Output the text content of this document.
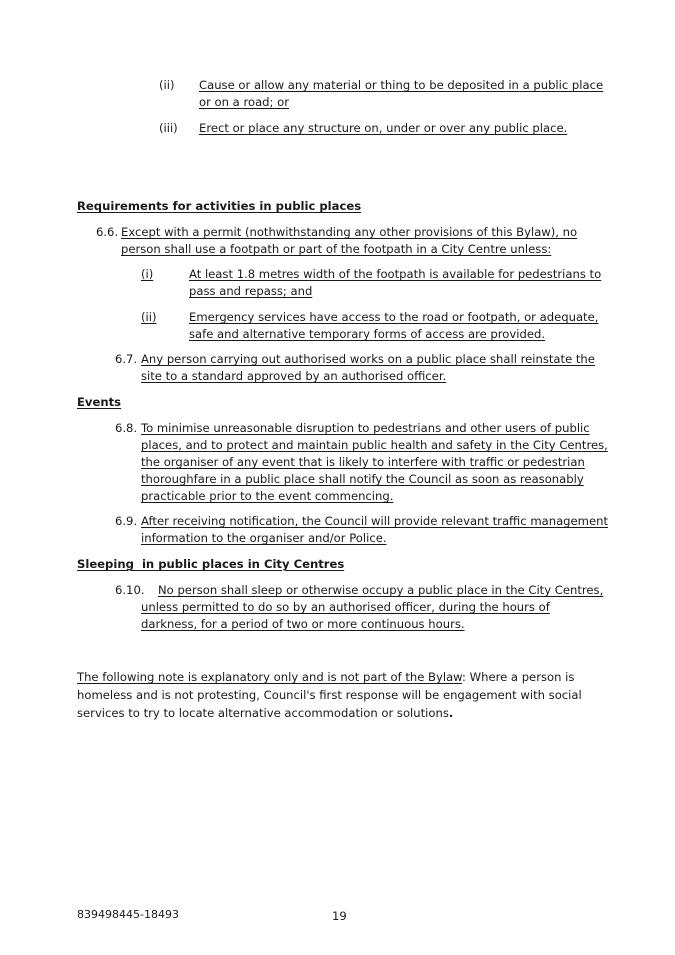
(ii) Cause or allow any material or thing to be deposited in a public place
or on a road; or
(iii) Erect or place any structure on, under or over any public place.
Requirements for activities in public places
6.6. Except with a permit (nothwithstanding any other provisions of this Bylaw), no
person shall use a footpath or part of the footpath in a City Centre unless:
(i)	At least 1.8 metres width of the footpath is available for pedestrians to
pass and repass; and
(ii)	Emergency services have access to the road or footpath, or adequate,
safe and alternative temporary forms of access are provided.
6.7. Any person carrying out authorised works on a public place shall reinstate the
site to a standard approved by an authorised officer.
Events
6.8. To minimise unreasonable disruption to pedestrians and other users of public
places, and to protect and maintain public health and safety in the City Centres,
the organiser of any event that is likely to interfere with traffic or pedestrian
thoroughfare in a public place shall notify the Council as soon as reasonably
practicable prior to the event commencing.
6.9. After receiving notification, the Council will provide relevant traffic management
information to the organiser and/or Police.
Sleeping  in public places in City Centres
6.10. No person shall sleep or otherwise occupy a public place in the City Centres,
unless permitted to do so by an authorised officer, during the hours of
darkness, for a period of two or more continuous hours.
The following note is explanatory only and is not part of the Bylaw: Where a person is
homeless and is not protesting, Council's first response will be engagement with social
services to try to locate alternative accommodation or solutions.
839498445-18493	19
